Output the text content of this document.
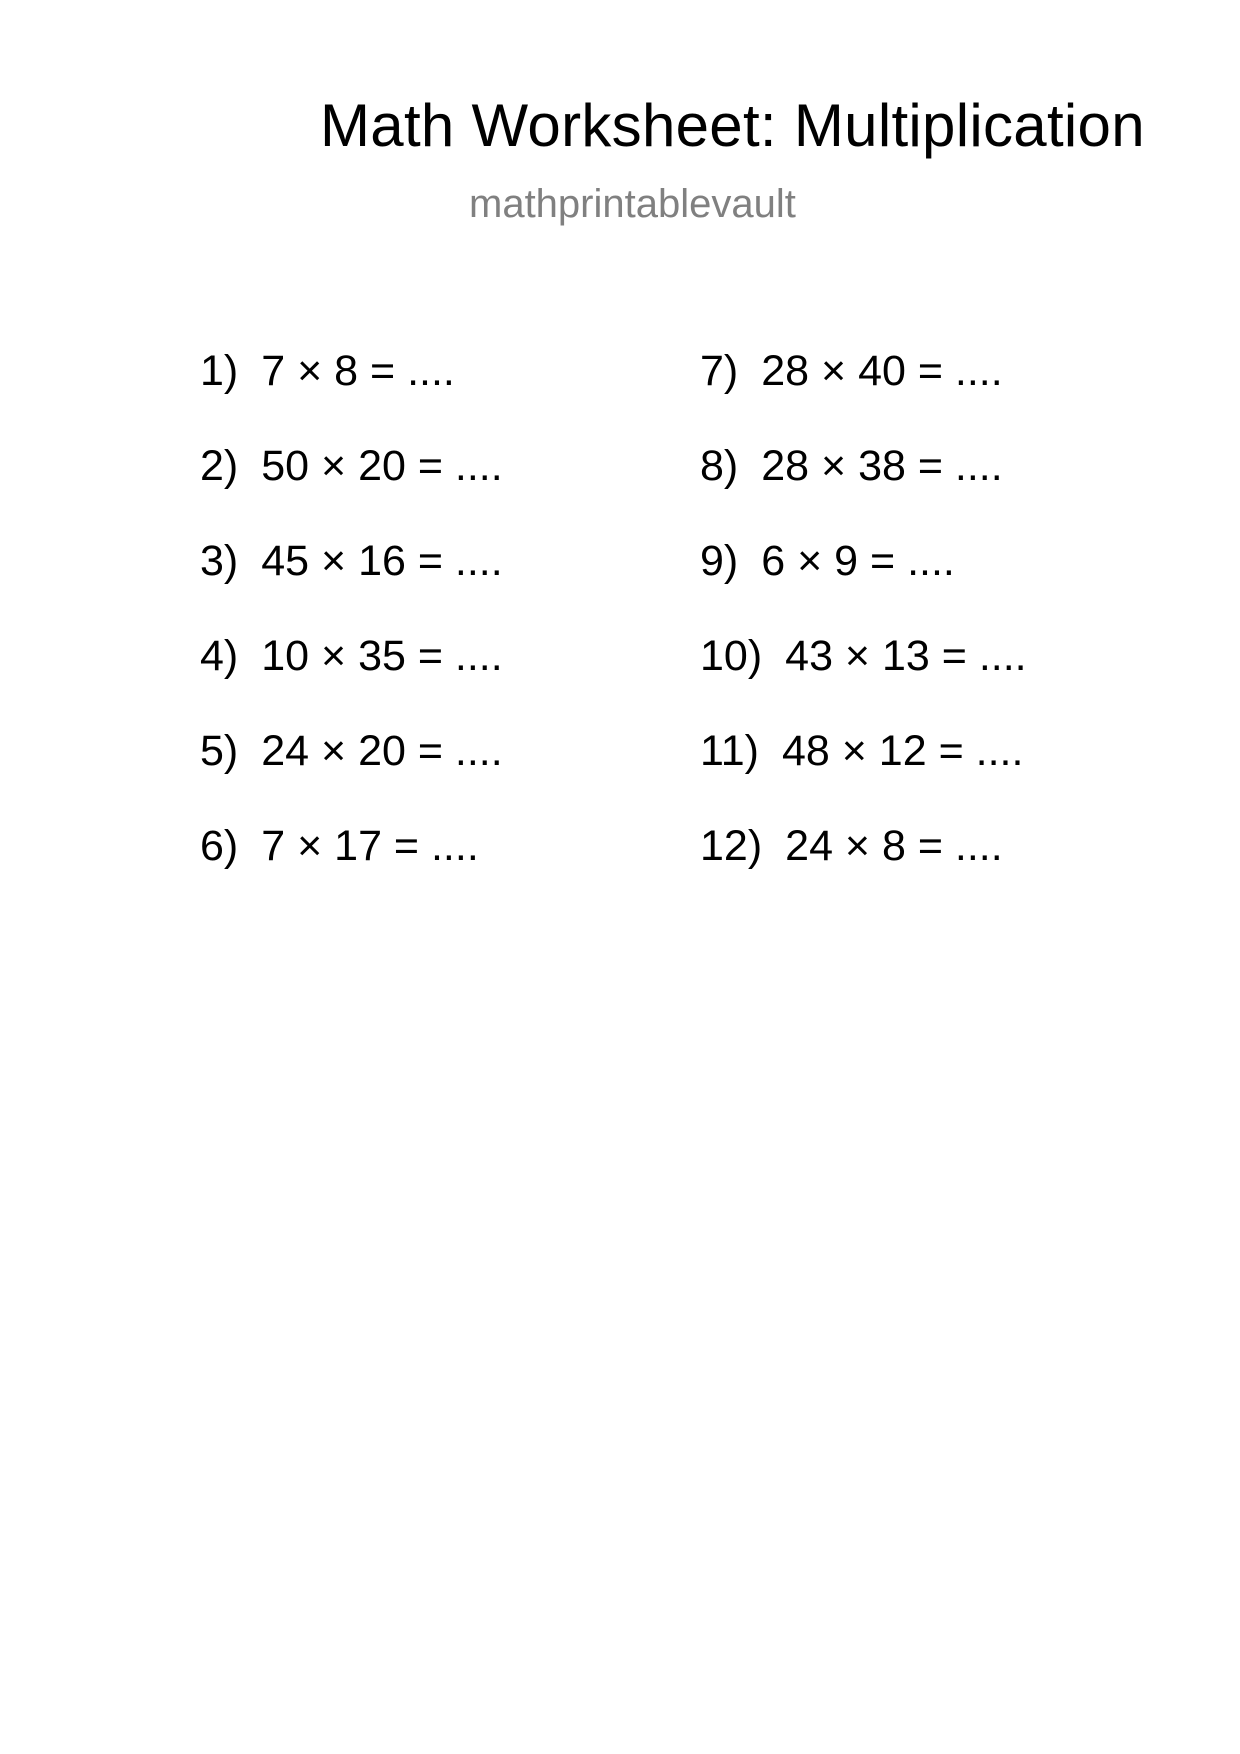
Math Worksheet: Multiplication
mathprintablevault
1) 7 × 8 = ....
2) 50 × 20 = ....
3) 45 × 16 = ....
4) 10 × 35 = ....
5) 24 × 20 = ....
6) 7 × 17 = ....
7) 28 × 40 = ....
8) 28 × 38 = ....
9) 6 × 9 = ....
10) 43 × 13 = ....
11) 48 × 12 = ....
12) 24 × 8 = ....
